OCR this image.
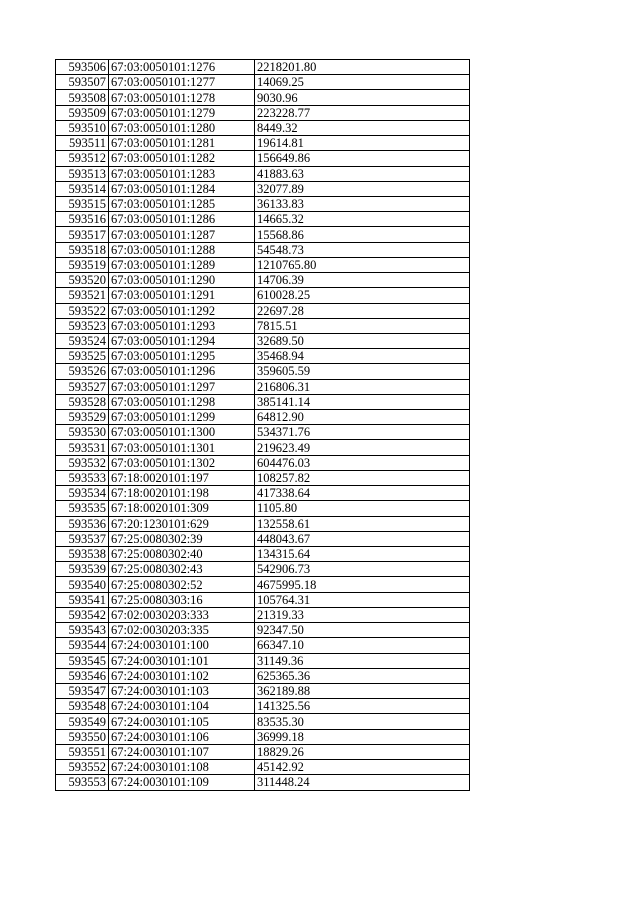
593506	67:03:0050101:1276	2218201.80
593507	67:03:0050101:1277	14069.25
593508	67:03:0050101:1278	9030.96
593509	67:03:0050101:1279	223228.77
593510	67:03:0050101:1280	8449.32
593511	67:03:0050101:1281	19614.81
593512	67:03:0050101:1282	156649.86
593513	67:03:0050101:1283	41883.63
593514	67:03:0050101:1284	32077.89
593515	67:03:0050101:1285	36133.83
593516	67:03:0050101:1286	14665.32
593517	67:03:0050101:1287	15568.86
593518	67:03:0050101:1288	54548.73
593519	67:03:0050101:1289	1210765.80
593520	67:03:0050101:1290	14706.39
593521	67:03:0050101:1291	610028.25
593522	67:03:0050101:1292	22697.28
593523	67:03:0050101:1293	7815.51
593524	67:03:0050101:1294	32689.50
593525	67:03:0050101:1295	35468.94
593526	67:03:0050101:1296	359605.59
593527	67:03:0050101:1297	216806.31
593528	67:03:0050101:1298	385141.14
593529	67:03:0050101:1299	64812.90
593530	67:03:0050101:1300	534371.76
593531	67:03:0050101:1301	219623.49
593532	67:03:0050101:1302	604476.03
593533	67:18:0020101:197	108257.82
593534	67:18:0020101:198	417338.64
593535	67:18:0020101:309	1105.80
593536	67:20:1230101:629	132558.61
593537	67:25:0080302:39	448043.67
593538	67:25:0080302:40	134315.64
593539	67:25:0080302:43	542906.73
593540	67:25:0080302:52	4675995.18
593541	67:25:0080303:16	105764.31
593542	67:02:0030203:333	21319.33
593543	67:02:0030203:335	92347.50
593544	67:24:0030101:100	66347.10
593545	67:24:0030101:101	31149.36
593546	67:24:0030101:102	625365.36
593547	67:24:0030101:103	362189.88
593548	67:24:0030101:104	141325.56
593549	67:24:0030101:105	83535.30
593550	67:24:0030101:106	36999.18
593551	67:24:0030101:107	18829.26
593552	67:24:0030101:108	45142.92
593553	67:24:0030101:109	311448.24
